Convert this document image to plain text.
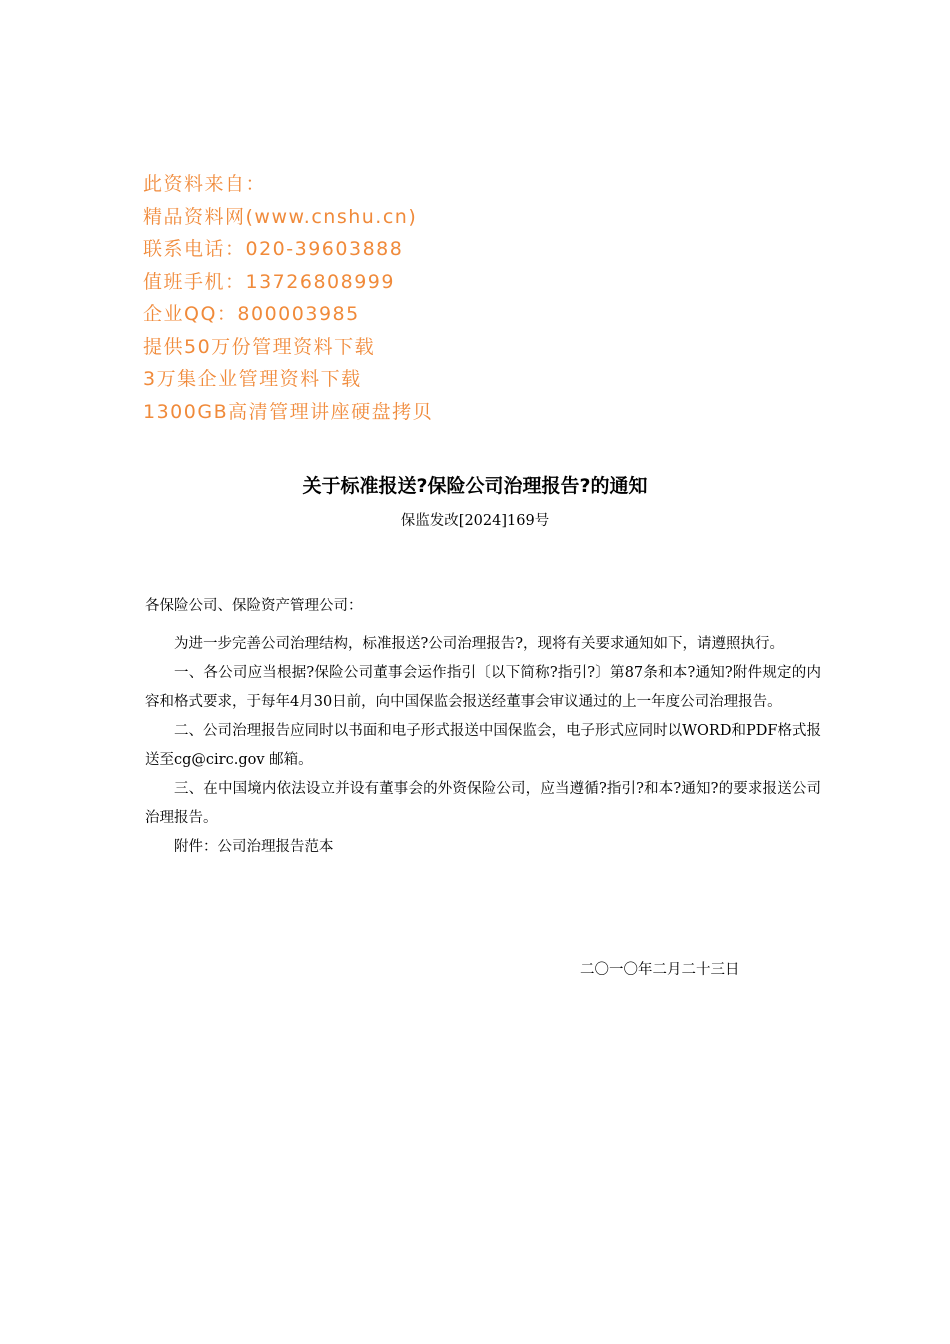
此资料来自：
精品资料网(www.cnshu.cn)
联系电话：020-39603888
值班手机：13726808999
企业QQ：800003985
提供50万份管理资料下载
3万集企业管理资料下载
1300GB高清管理讲座硬盘拷贝
关于标准报送?保险公司治理报告?的通知
保监发改[2024]169号
各保险公司、保险资产管理公司：

为进一步完善公司治理结构，标准报送?公司治理报告?，现将有关要求通知如下，请遵照执行。

一、各公司应当根据?保险公司董事会运作指引〔以下简称?指引?〕第87条和本?通知?附件规定的内容和格式要求，于每年4月30日前，向中国保监会报送经董事会审议通过的上一年度公司治理报告。

二、公司治理报告应同时以书面和电子形式报送中国保监会，电子形式应同时以WORD和PDF格式报送至cg@circ.gov 邮箱。

三、在中国境内依法设立并设有董事会的外资保险公司，应当遵循?指引?和本?通知?的要求报送公司治理报告。

附件：公司治理报告范本

二〇一〇年二月二十三日
